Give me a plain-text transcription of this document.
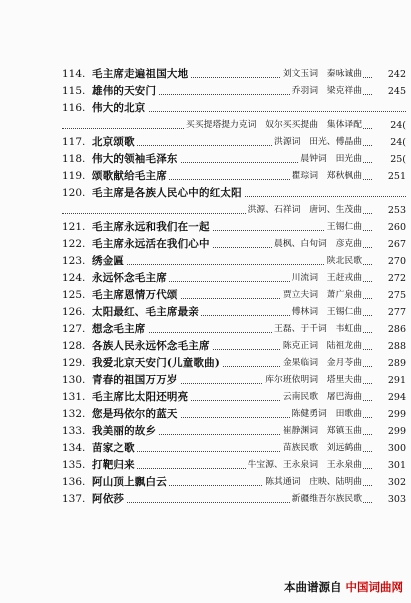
114. 毛主席走遍祖国大地	刘文玉词　秦咏诚曲	242
115. 雄伟的天安门	乔羽词　梁克祥曲	245
116. 伟大的北京
买买提塔提力克词　奴尔买买提曲　集体译配	24(
117. 北京颂歌	洪源词　田光、傅晶曲	24(
118. 伟大的领袖毛泽东	晨钟词　田光曲	25(
119. 颂歌献给毛主席	瞿琮词　郑秋枫曲	251
120. 毛主席是各族人民心中的红太阳
洪源、石祥词　唐诃、生茂曲	253
121. 毛主席永远和我们在一起	王锡仁曲	260
122. 毛主席永远活在我们心中	晨枫、白旬词　彦克曲	267
123. 绣金匾	陕北民歌	270
124. 永远怀念毛主席	川流词　王赶戎曲	272
125. 毛主席恩情万代颂	贾立夫词　萧广泉曲	275
126. 太阳最红、毛主席最亲	傅林词　王锡仁曲	277
127. 想念毛主席	王磊、于千词　韦虹曲	286
128. 各族人民永远怀念毛主席	陈克正词　陆祖龙曲	288
129. 我爱北京天安门(儿童歌曲)	金果临词　金月苓曲	289
130. 青春的祖国万万岁	库尔班依明词　塔里夫曲	291
131. 毛主席比太阳还明亮	云南民歌　屠巴海曲	294
132. 您是玛依尔的蓝天	陈健勇词　田歌曲	299
133. 我美丽的故乡	崔静渊词　郑镇玉曲	299
134. 苗家之歌	苗族民歌　刘远鹤曲	300
135. 打靶归来	牛宝源、王永泉词　王永泉曲	301
136. 阿山顶上飘白云	陈其通词　庄映、陆明曲	302
137. 阿依莎	新疆维吾尔族民歌	303
本曲谱源自 中国词曲网
